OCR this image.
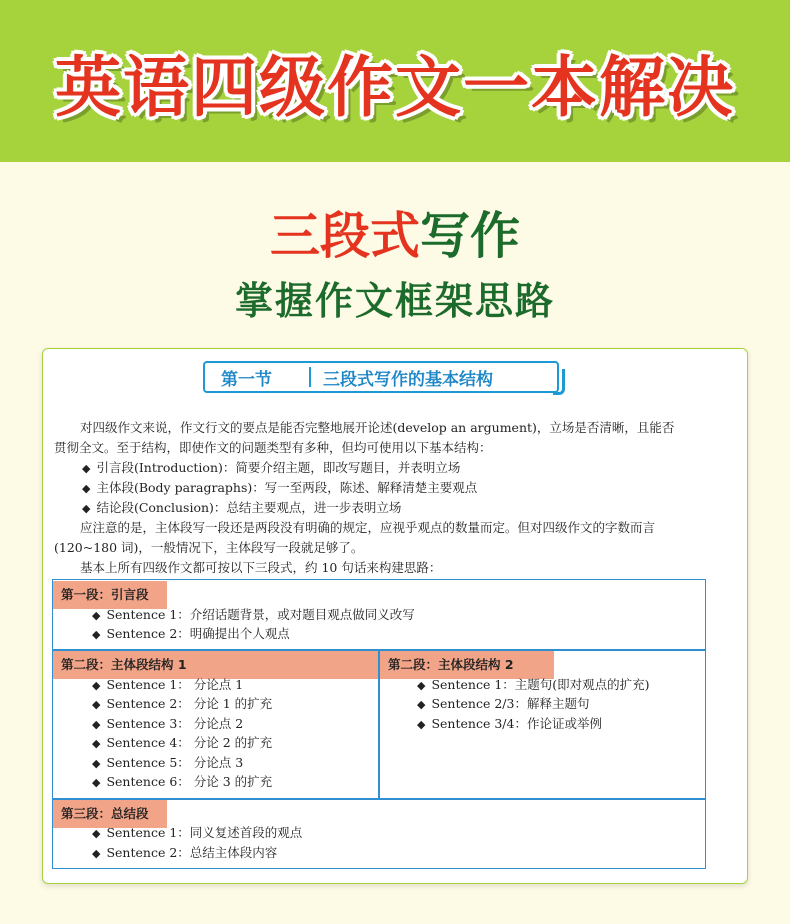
英语四级作文一本解决
三段式写作
掌握作文框架思路
第一节	三段式写作的基本结构
对四级作文来说，作文行文的要点是能否完整地展开论述(develop an argument)，立场是否清晰，且能否
贯彻全文。至于结构，即使作文的问题类型有多种，但均可使用以下基本结构：
◆ 引言段(Introduction)：简要介绍主题，即改写题目，并表明立场
◆ 主体段(Body paragraphs)：写一至两段，陈述、解释清楚主要观点
◆ 结论段(Conclusion)：总结主要观点，进一步表明立场
应注意的是，主体段写一段还是两段没有明确的规定，应视乎观点的数量而定。但对四级作文的字数而言
(120~180 词)，一般情况下，主体段写一段就足够了。
基本上所有四级作文都可按以下三段式，约 10 句话来构建思路：
第一段：引言段
◆ Sentence 1：介绍话题背景，或对题目观点做同义改写
◆ Sentence 2：明确提出个人观点
第二段：主体段结构 1
◆ Sentence 1： 分论点 1
◆ Sentence 2： 分论 1 的扩充
◆ Sentence 3： 分论点 2
◆ Sentence 4： 分论 2 的扩充
◆ Sentence 5： 分论点 3
◆ Sentence 6： 分论 3 的扩充
第二段：主体段结构 2
◆ Sentence 1：主题句(即对观点的扩充)
◆ Sentence 2/3：解释主题句
◆ Sentence 3/4：作论证或举例
第三段：总结段
◆ Sentence 1：同义复述首段的观点
◆ Sentence 2：总结主体段内容
